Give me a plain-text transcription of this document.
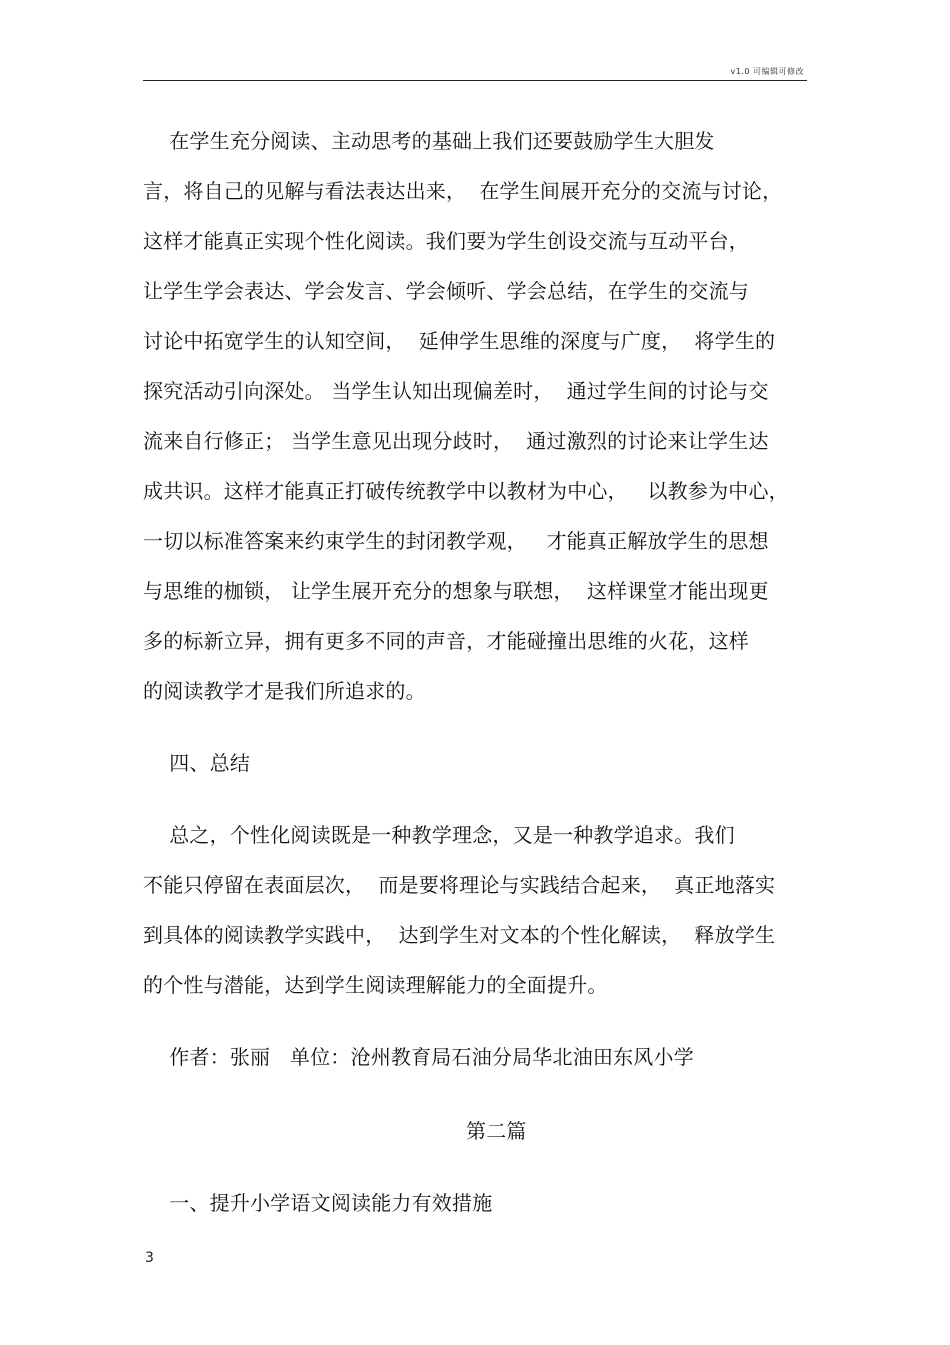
v1.0 可编辑可修改
在学生充分阅读、主动思考的基础上我们还要鼓励学生大胆发
言，将自己的见解与看法表达出来，  在学生间展开充分的交流与讨论，
这样才能真正实现个性化阅读。我们要为学生创设交流与互动平台，
让学生学会表达、学会发言、学会倾听、学会总结，在学生的交流与
讨论中拓宽学生的认知空间，  延伸学生思维的深度与广度，  将学生的
探究活动引向深处。 当学生认知出现偏差时，  通过学生间的讨论与交
流来自行修正； 当学生意见出现分歧时，  通过激烈的讨论来让学生达
成共识。这样才能真正打破传统教学中以教材为中心，   以教参为中心，
一切以标准答案来约束学生的封闭教学观，   才能真正解放学生的思想
与思维的枷锁， 让学生展开充分的想象与联想，  这样课堂才能出现更
多的标新立异，拥有更多不同的声音，才能碰撞出思维的火花，这样
的阅读教学才是我们所追求的。
四、总结
总之，个性化阅读既是一种教学理念，又是一种教学追求。我们
不能只停留在表面层次，  而是要将理论与实践结合起来，  真正地落实
到具体的阅读教学实践中，  达到学生对文本的个性化解读，  释放学生
的个性与潜能，达到学生阅读理解能力的全面提升。
作者：张丽   单位：沧州教育局石油分局华北油田东风小学
第二篇
一、提升小学语文阅读能力有效措施
3
